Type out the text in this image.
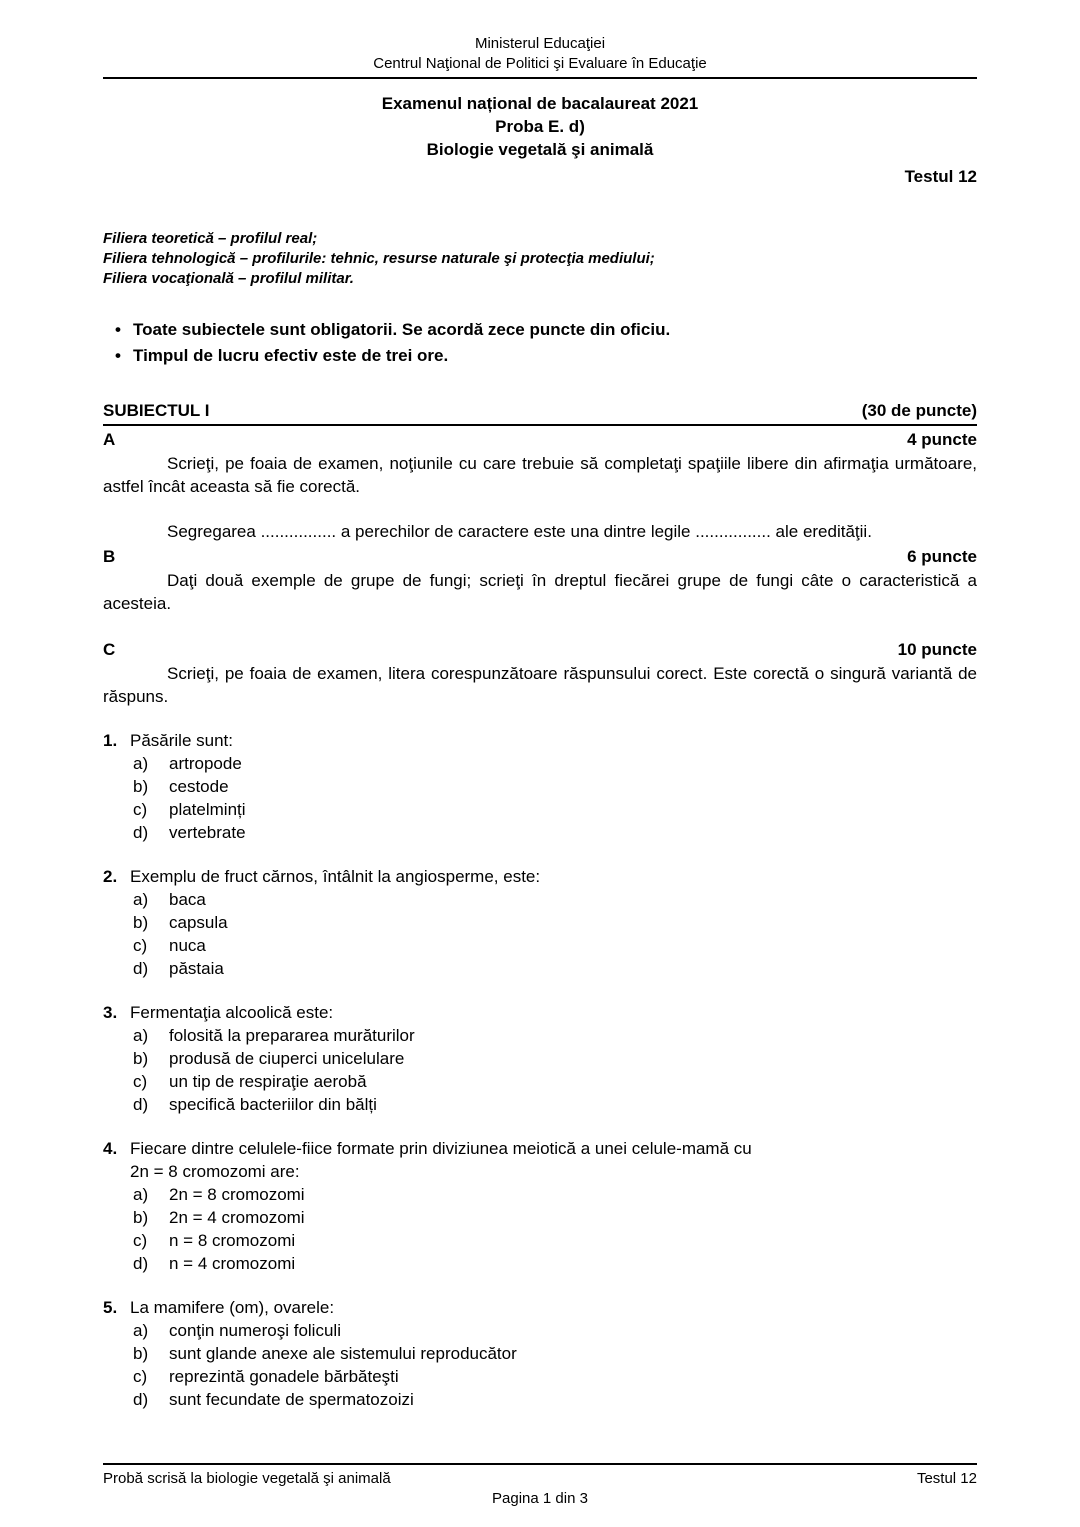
Ministerul Educaţiei
Centrul Naţional de Politici şi Evaluare în Educaţie
Examenul național de bacalaureat 2021
Proba E. d)
Biologie vegetală şi animală
Testul 12
Filiera teoretică – profilul real;
Filiera tehnologică – profilurile: tehnic, resurse naturale şi protecţia mediului;
Filiera vocaţională – profilul militar.
• Toate subiectele sunt obligatorii. Se acordă zece puncte din oficiu.
• Timpul de lucru efectiv este de trei ore.
SUBIECTUL I	(30 de puncte)
A	4 puncte
Scrieţi, pe foaia de examen, noţiunile cu care trebuie să completaţi spaţiile libere din afirmaţia următoare, astfel încât aceasta să fie corectă.
Segregarea ................ a perechilor de caractere este una dintre legile ................ ale eredităţii.
B	6 puncte
Daţi două exemple de grupe de fungi; scrieţi în dreptul fiecărei grupe de fungi câte o caracteristică a acesteia.
C	10 puncte
Scrieţi, pe foaia de examen, litera corespunzătoare răspunsului corect. Este corectă o singură variantă de răspuns.
1. Păsările sunt:
a)	artropode
b)	cestode
c)	platelminți
d)	vertebrate
2. Exemplu de fruct cărnos, întâlnit la angiosperme, este:
a)	baca
b)	capsula
c)	nuca
d)	păstaia
3. Fermentaţia alcoolică este:
a)	folosită la prepararea murăturilor
b)	produsă de ciuperci unicelulare
c)	un tip de respiraţie aerobă
d)	specifică bacteriilor din bălți
4. Fiecare dintre celulele-fiice formate prin diviziunea meiotică a unei celule-mamă cu
2n = 8 cromozomi are:
a)	2n = 8 cromozomi
b)	2n = 4 cromozomi
c)	n = 8 cromozomi
d)	n = 4 cromozomi
5. La mamifere (om), ovarele:
a)	conţin numeroşi foliculi
b)	sunt glande anexe ale sistemului reproducător
c)	reprezintă gonadele bărbăteşti
d)	sunt fecundate de spermatozoizi
Probă scrisă la biologie vegetală şi animală	Testul 12
Pagina 1 din 3
